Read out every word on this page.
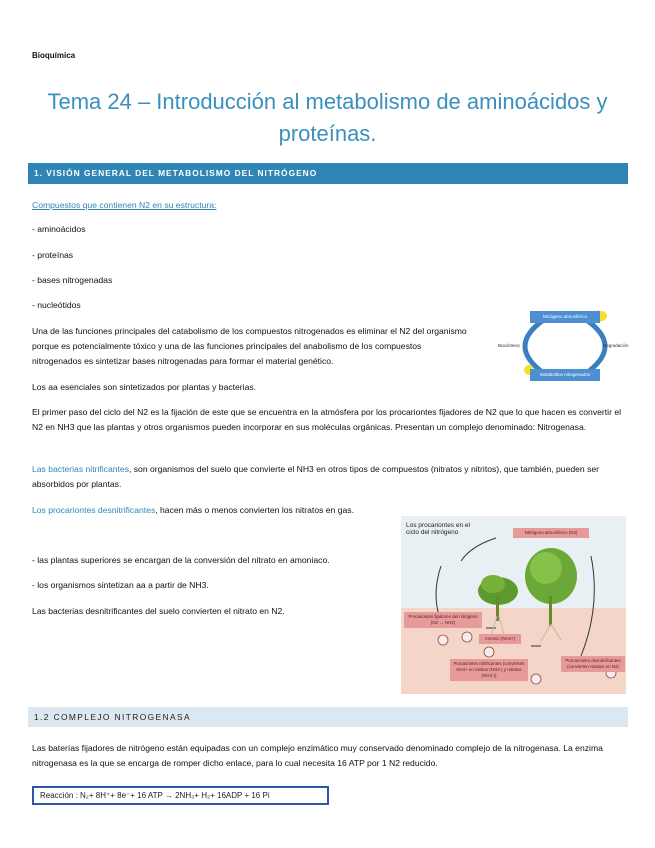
Bioquímica
Tema 24 – Introducción al metabolismo de aminoácidos y proteínas.
1. VISIÓN GENERAL DEL METABOLISMO DEL NITRÓGENO
Compuestos que contienen N2 en su estructura:
- aminoácidos
- proteínas
- bases nitrogenadas
- nucleótidos

Una de las funciones principales del catabolismo de los compuestos nitrogenados es eliminar el N2 del organismo porque es potencialmente tóxico y una de las funciones principales del anabolismo de los compuestos nitrogenados es sintetizar bases nitrogenadas para formar el material genético.

Nitrógeno atmosférico
Metabolitos nitrogenados
Biosíntesis	Degradación

Los aa esenciales son sintetizados por plantas y bacterias.

El primer paso del ciclo del N2 es la fijación de este que se encuentra en la atmósfera por los procariontes fijadores de N2 que lo que hacen es convertir el N2 en NH3 que las plantas y otros organismos pueden incorporar en sus moléculas orgánicas. Presentan un complejo denominado: Nitrogenasa.

Las bacterias nitrificantes, son organismos del suelo que convierte el NH3 en otros tipos de compuestos (nitratos y nitritos), que también, pueden ser absorbidos por plantas.

Los procariontes desnitrificantes, hacen más o menos convierten los nitratos en gas.

- las plantas superiores se encargan de la conversión del nitrato en amoniaco.

- los organismos sintetizan aa a partir de NH3.

Las bacterias desnitrificantes del suelo convierten el nitrato en N2.

Los procariontes en el ciclo del nitrógeno	Nitrógeno atmosférico (N2)
Procariontes fijadores del nitrógeno (N2 → NH3)
Amonio (NH4+)
Procariontes nitrificantes (convierten NH4+ en nitritos (NO2-) y nitratos (NO3-))
Procariontes desnitrificantes (convierten nitratos en N2)
1.2 COMPLEJO NITROGENASA

Las baterías fijadores de nitrógeno están equipadas con un complejo enzimático muy conservado denominado complejo de la nitrogenasa. La enzima nitrogenasa es la que se encarga de romper dicho enlace, para lo cual necesita 16 ATP por 1 N2 reducido.

Reacción : N₂+ 8H⁺+ 8e⁻+ 16 ATP → 2NH₃+ H₂+ 16ADP + 16 Pi
